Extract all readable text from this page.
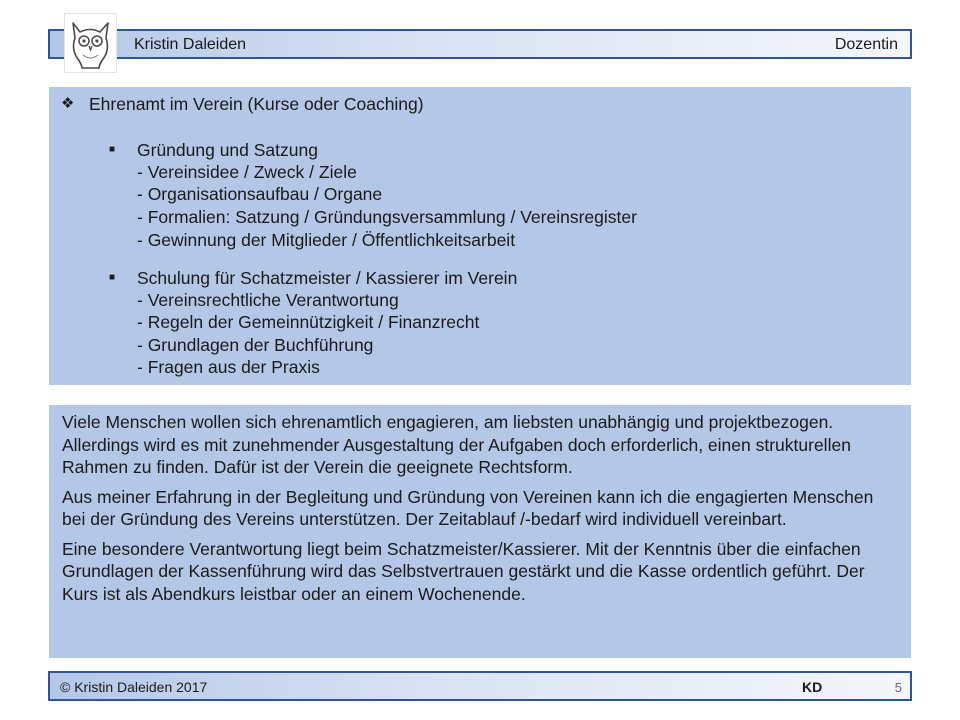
Kristin Daleiden	Dozentin
❖ Ehrenamt im Verein (Kurse oder Coaching)
■ Gründung und Satzung
- Vereinsidee / Zweck / Ziele
- Organisationsaufbau / Organe
- Formalien: Satzung / Gründungsversammlung / Vereinsregister
- Gewinnung der Mitglieder / Öffentlichkeitsarbeit
■ Schulung für Schatzmeister / Kassierer im Verein
- Vereinsrechtliche Verantwortung
- Regeln der Gemeinnützigkeit / Finanzrecht
- Grundlagen der Buchführung
- Fragen aus der Praxis

Viele Menschen wollen sich ehrenamtlich engagieren, am liebsten unabhängig und projektbezogen. Allerdings wird es mit zunehmender Ausgestaltung der Aufgaben doch erforderlich, einen strukturellen Rahmen zu finden. Dafür ist der Verein die geeignete Rechtsform.

Aus meiner Erfahrung in der Begleitung und Gründung von Vereinen kann ich die engagierten Menschen bei der Gründung des Vereins unterstützen. Der Zeitablauf /-bedarf wird individuell vereinbart.

Eine besondere Verantwortung liegt beim Schatzmeister/Kassierer. Mit der Kenntnis über die einfachen Grundlagen der Kassenführung wird das Selbstvertrauen gestärkt und die Kasse ordentlich geführt. Der Kurs ist als Abendkurs leistbar oder an einem Wochenende.

© Kristin Daleiden 2017	KD	5
